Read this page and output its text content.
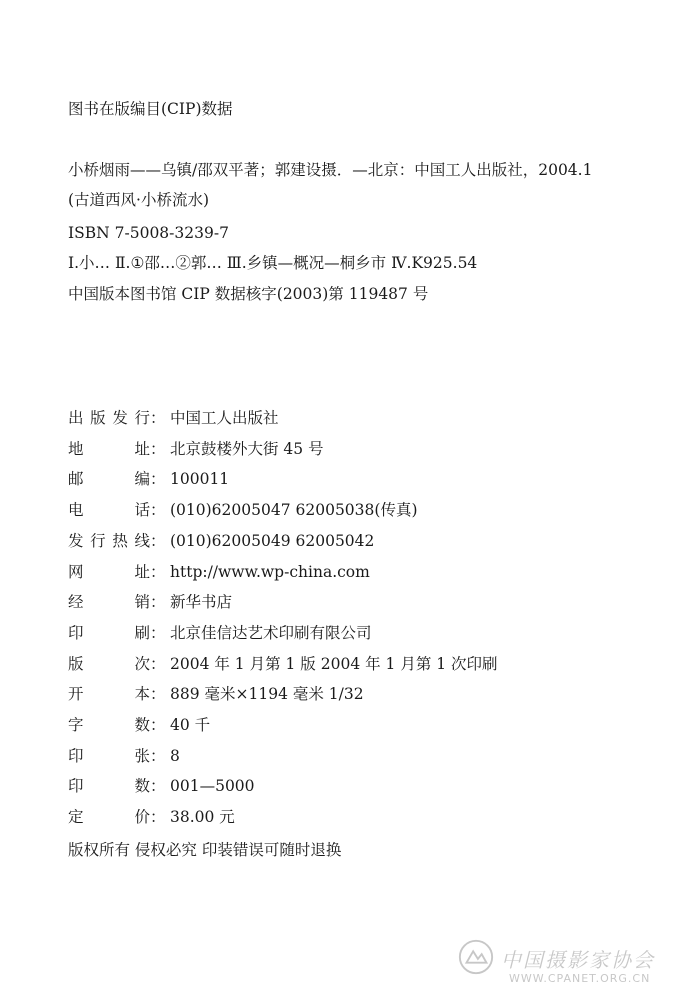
图书在版编目(CIP)数据
小桥烟雨——乌镇/邵双平著；郭建设摄．—北京：中国工人出版社，2004.1
(古道西风·小桥流水)
ISBN 7-5008-3239-7
Ⅰ.小… Ⅱ.①邵…②郭… Ⅲ.乡镇—概况—桐乡市 Ⅳ.K925.54
中国版本图书馆 CIP 数据核字(2003)第 119487 号
出版发行： 中国工人出版社
地址： 北京鼓楼外大街 45 号
邮编： 100011
电话： (010)62005047 62005038(传真)
发行热线： (010)62005049 62005042
网址： http://www.wp-china.com
经销： 新华书店
印刷： 北京佳信达艺术印刷有限公司
版次： 2004 年 1 月第 1 版 2004 年 1 月第 1 次印刷
开本： 889 毫米×1194 毫米 1/32
字数： 40 千
印张： 8
印数： 001—5000
定价： 38.00 元
版权所有 侵权必究 印装错误可随时退换
中国摄影家协会
WWW.CPANET.ORG.CN
